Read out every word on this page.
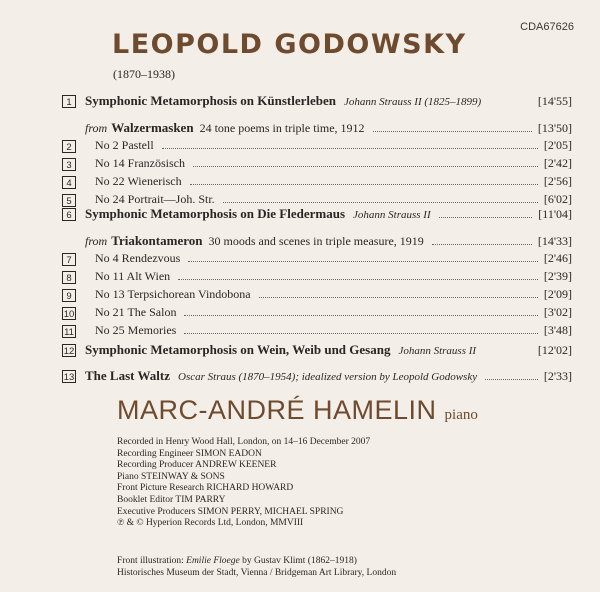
CDA67626
LEOPOLD GODOWSKY
(1870–1938)
1	Symphonic Metamorphosis on Künstlerleben Johann Strauss II (1825–1899)	[14'55]
from Walzermasken 24 tone poems in triple time, 1912	[13'50]
2	No 2 Pastell	[2'05]
3	No 14 Französisch	[2'42]
4	No 22 Wienerisch	[2'56]
5	No 24 Portrait—Joh. Str.	[6'02]
6	Symphonic Metamorphosis on Die Fledermaus Johann Strauss II	[11'04]
from Triakontameron 30 moods and scenes in triple measure, 1919	[14'33]
7	No 4 Rendezvous	[2'46]
8	No 11 Alt Wien	[2'39]
9	No 13 Terpsichorean Vindobona	[2'09]
10	No 21 The Salon	[3'02]
11	No 25 Memories	[3'48]
12 Symphonic Metamorphosis on Wein, Weib und Gesang Johann Strauss II	[12'02]
13 The Last Waltz Oscar Straus (1870–1954); idealized version by Leopold Godowsky	[2'33]
MARC-ANDRÉ HAMELIN piano
Recorded in Henry Wood Hall, London, on 14–16 December 2007
Recording Engineer SIMON EADON
Recording Producer ANDREW KEENER
Piano STEINWAY & SONS
Front Picture Research RICHARD HOWARD
Booklet Editor TIM PARRY
Executive Producers SIMON PERRY, MICHAEL SPRING
℗ & © Hyperion Records Ltd, London, MMVIII
Front illustration: Emilie Floege by Gustav Klimt (1862–1918)
Historisches Museum der Stadt, Vienna / Bridgeman Art Library, London
